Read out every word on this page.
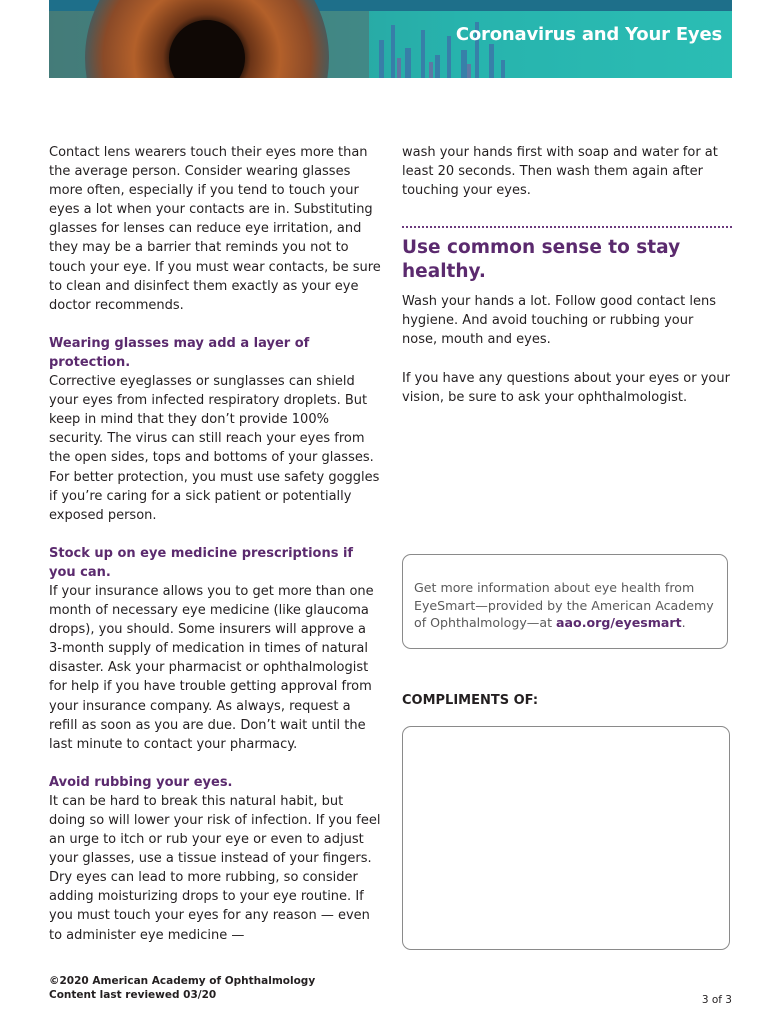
Coronavirus and Your Eyes

Contact lens wearers touch their eyes more than the average person. Consider wearing glasses more often, especially if you tend to touch your eyes a lot when your contacts are in. Substituting glasses for lenses can reduce eye irritation, and they may be a barrier that reminds you not to touch your eye. If you must wear contacts, be sure to clean and disinfect them exactly as your eye doctor recommends.

Wearing glasses may add a layer of protection.
Corrective eyeglasses or sunglasses can shield your eyes from infected respiratory droplets. But keep in mind that they don’t provide 100% security. The virus can still reach your eyes from the open sides, tops and bottoms of your glasses. For better protection, you must use safety goggles if you’re caring for a sick patient or potentially exposed person.

Stock up on eye medicine prescriptions if you can.
If your insurance allows you to get more than one month of necessary eye medicine (like glaucoma drops), you should. Some insurers will approve a 3-month supply of medication in times of natural disaster. Ask your pharmacist or ophthalmologist for help if you have trouble getting approval from your insurance company. As always, request a refill as soon as you are due. Don’t wait until the last minute to contact your pharmacy.

Avoid rubbing your eyes.
It can be hard to break this natural habit, but doing so will lower your risk of infection. If you feel an urge to itch or rub your eye or even to adjust your glasses, use a tissue instead of your fingers. Dry eyes can lead to more rubbing, so consider adding moisturizing drops to your eye routine. If you must touch your eyes for any reason — even to administer eye medicine —

wash your hands first with soap and water for at least 20 seconds. Then wash them again after touching your eyes.

Use common sense to stay healthy.

Wash your hands a lot. Follow good contact lens hygiene. And avoid touching or rubbing your nose, mouth and eyes.

If you have any questions about your eyes or your vision, be sure to ask your ophthalmologist.

Get more information about eye health from EyeSmart—provided by the American Academy of Ophthalmology—at aao.org/eyesmart.
COMPLIMENTS OF:
©2020 American Academy of Ophthalmology
Content last reviewed 03/20	3 of 3
